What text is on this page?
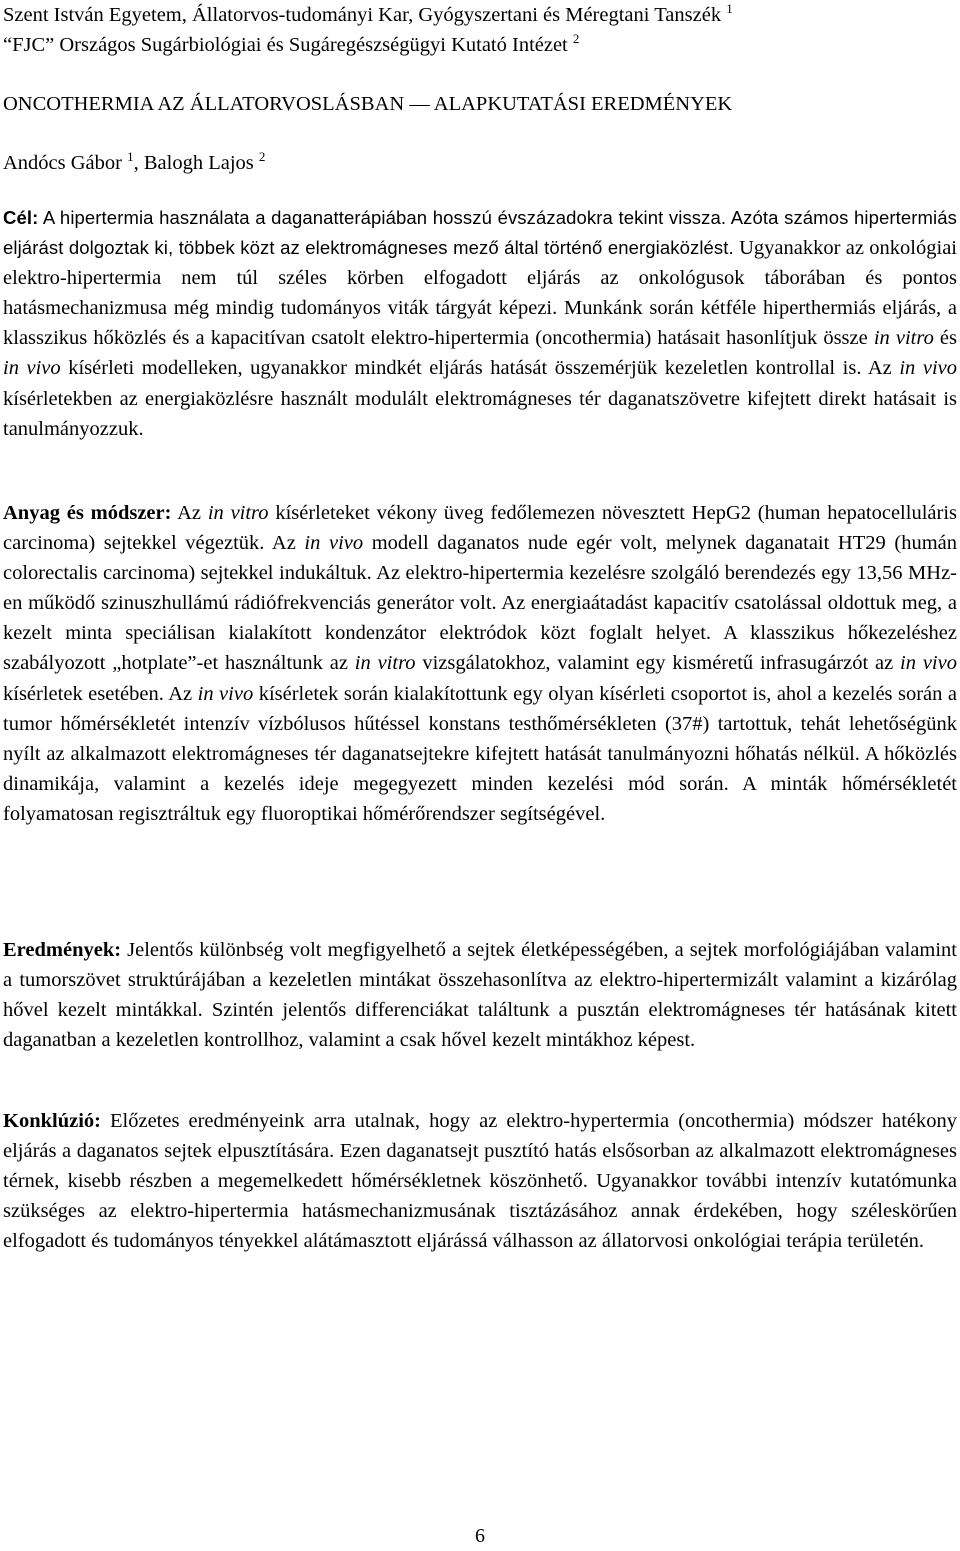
Szent István Egyetem, Állatorvos-tudományi Kar, Gyógyszertani és Méregtani Tanszék $^1$
“FJC” Országos Sugárbiológiai és Sugáregészségügyi Kutató Intézet $^2$
ONCOTHERMIA AZ ÁLLATORVOSLÁSBAN — ALAPKUTATÁSI EREDMÉNYEK
Andócs Gábor $^1$, Balogh Lajos $^2$

Cél: A hipertermia használata a daganatterápiában hosszú évszázadokra tekint vissza. Azóta számos hipertermiás eljárást dolgoztak ki, többek közt az elektromágneses mező által történő energiaközlést. Ugyanakkor az onkológiai elektro-hipertermia nem túl széles körben elfogadott eljárás az onkológusok táborában és pontos hatásmechanizmusa még mindig tudományos viták tárgyát képezi. Munkánk során kétféle hiperthermiás eljárás, a klasszikus hőközlés és a kapacitívan csatolt elektro-hipertermia (oncothermia) hatásait hasonlítjuk össze in vitro és in vivo kísérleti modelleken, ugyanakkor mindkét eljárás hatását összemérjük kezeletlen kontrollal is. Az in vivo kísérletekben az energiaközlésre használt modulált elektromágneses tér daganatszövetre kifejtett direkt hatásait is tanulmányozzuk.

Anyag és módszer: Az in vitro kísérleteket vékony üveg fedőlemezen növesztett HepG2 (human hepatocelluláris carcinoma) sejtekkel végeztük. Az in vivo modell daganatos nude egér volt, melynek daganatait HT29 (humán colorectalis carcinoma) sejtekkel indukáltuk. Az elektro-hipertermia kezelésre szolgáló berendezés egy 13,56 MHz-en működő szinuszhullámú rádiófrekvenciás generátor volt. Az energiaátadást kapacitív csatolással oldottuk meg, a kezelt minta speciálisan kialakított kondenzátor elektródok közt foglalt helyet. A klasszikus hőkezeléshez szabályozott „hotplate”-et használtunk az in vitro vizsgálatokhoz, valamint egy kisméretű infrasugárzót az in vivo kísérletek esetében. Az in vivo kísérletek során kialakítottunk egy olyan kísérleti csoportot is, ahol a kezelés során a tumor hőmérsékletét intenzív vízbólusos hűtéssel konstans testhőmérsékleten (37#) tartottuk, tehát lehetőségünk nyílt az alkalmazott elektromágneses tér daganatsejtekre kifejtett hatását tanulmányozni hőhatás nélkül. A hőközlés dinamikája, valamint a kezelés ideje megegyezett minden kezelési mód során. A minták hőmérsékletét folyamatosan regisztráltuk egy fluoroptikai hőmérőrendszer segítségével.

Eredmények: Jelentős különbség volt megfigyelhető a sejtek életképességében, a sejtek morfológiájában valamint a tumorszövet struktúrájában a kezeletlen mintákat összehasonlítva az elektro-hipertermizált valamint a kizárólag hővel kezelt mintákkal. Szintén jelentős differenciákat találtunk a pusztán elektromágneses tér hatásának kitett daganatban a kezeletlen kontrollhoz, valamint a csak hővel kezelt mintákhoz képest.

Konklúzió: Előzetes eredményeink arra utalnak, hogy az elektro-hypertermia (oncothermia) módszer hatékony eljárás a daganatos sejtek elpusztítására. Ezen daganatsejt pusztító hatás elsősorban az alkalmazott elektromágneses térnek, kisebb részben a megemelkedett hőmérsékletnek köszönhető. Ugyanakkor további intenzív kutatómunka szükséges az elektro-hipertermia hatásmechanizmusának tisztázásához annak érdekében, hogy széleskörűen elfogadott és tudományos tényekkel alátámasztott eljárássá válhasson az állatorvosi onkológiai terápia területén.

6
